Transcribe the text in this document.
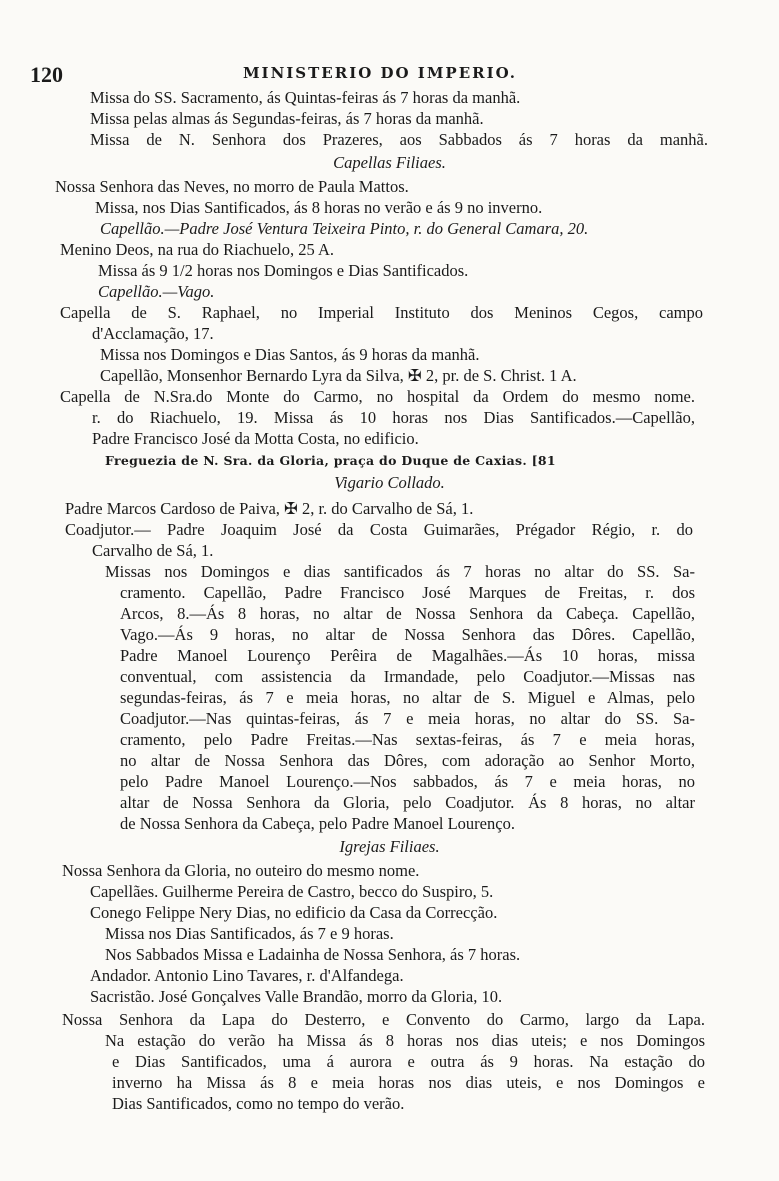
120	MINISTERIO DO IMPERIO.
Missa do SS. Sacramento, ás Quintas-feiras ás 7 horas da manhã.
Missa pelas almas ás Segundas-feiras, ás 7 horas da manhã.
Missa de N. Senhora dos Prazeres, aos Sabbados ás 7 horas da manhã.
Capellas Filiaes.
Nossa Senhora das Neves, no morro de Paula Mattos.
Missa, nos Dias Santificados, ás 8 horas no verão e ás 9 no inverno.
Capellão.—Padre José Ventura Teixeira Pinto, r. do General Camara, 20.
Menino Deos, na rua do Riachuelo, 25 A.
Missa ás 9 1/2 horas nos Domingos e Dias Santificados.
Capellão.—Vago.
Capella de S. Raphael, no Imperial Instituto dos Meninos Cegos, campo
d'Acclamação, 17.
Missa nos Domingos e Dias Santos, ás 9 horas da manhã.
Capellão, Monsenhor Bernardo Lyra da Silva, ✠ 2, pr. de S. Christ. 1 A.
Capella de N.Sra.do Monte do Carmo, no hospital da Ordem do mesmo nome.
r. do Riachuelo, 19. Missa ás 10 horas nos Dias Santificados.—Capellão,
Padre Francisco José da Motta Costa, no edificio.
Freguezia de N. Sra. da Gloria, praça do Duque de Caxias. [81
Vigario Collado.
Padre Marcos Cardoso de Paiva, ✠ 2, r. do Carvalho de Sá, 1.
Coadjutor.— Padre Joaquim José da Costa Guimarães, Prégador Régio, r. do
Carvalho de Sá, 1.
Missas nos Domingos e dias santificados ás 7 horas no altar do SS. Sa-
cramento. Capellão, Padre Francisco José Marques de Freitas, r. dos
Arcos, 8.—Ás 8 horas, no altar de Nossa Senhora da Cabeça. Capellão,
Vago.—Ás 9 horas, no altar de Nossa Senhora das Dôres. Capellão,
Padre Manoel Lourenço Perêira de Magalhães.—Ás 10 horas, missa
conventual, com assistencia da Irmandade, pelo Coadjutor.—Missas nas
segundas-feiras, ás 7 e meia horas, no altar de S. Miguel e Almas, pelo
Coadjutor.—Nas quintas-feiras, ás 7 e meia horas, no altar do SS. Sa-
cramento, pelo Padre Freitas.—Nas sextas-feiras, ás 7 e meia horas,
no altar de Nossa Senhora das Dôres, com adoração ao Senhor Morto,
pelo Padre Manoel Lourenço.—Nos sabbados, ás 7 e meia horas, no
altar de Nossa Senhora da Gloria, pelo Coadjutor. Ás 8 horas, no altar
de Nossa Senhora da Cabeça, pelo Padre Manoel Lourenço.
Igrejas Filiaes.
Nossa Senhora da Gloria, no outeiro do mesmo nome.
Capellães. Guilherme Pereira de Castro, becco do Suspiro, 5.
Conego Felippe Nery Dias, no edificio da Casa da Correcção.
Missa nos Dias Santificados, ás 7 e 9 horas.
Nos Sabbados Missa e Ladainha de Nossa Senhora, ás 7 horas.
Andador. Antonio Lino Tavares, r. d'Alfandega.
Sacristão. José Gonçalves Valle Brandão, morro da Gloria, 10.
Nossa Senhora da Lapa do Desterro, e Convento do Carmo, largo da Lapa.
Na estação do verão ha Missa ás 8 horas nos dias uteis; e nos Domingos
e Dias Santificados, uma á aurora e outra ás 9 horas. Na estação do
inverno ha Missa ás 8 e meia horas nos dias uteis, e nos Domingos e
Dias Santificados, como no tempo do verão.
